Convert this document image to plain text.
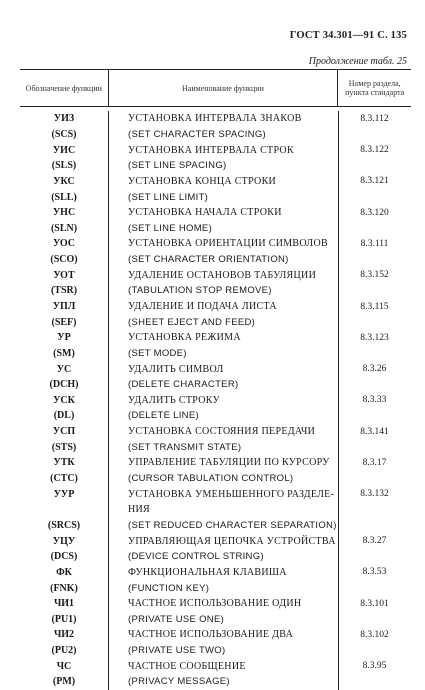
ГОСТ 34.301—91 С. 135
Продолжение табл. 25
Обозначение функции	Наименование функции	Номер раздела, пункта стандарта
УИЗ	УСТАНОВКА ИНТЕРВАЛА ЗНАКОВ	8.3.112
(SCS)	(SET CHARACTER SPACING)
УИС	УСТАНОВКА ИНТЕРВАЛА СТРОК	8.3.122
(SLS)	(SET LINE SPACING)
УКС	УСТАНОВКА КОНЦА СТРОКИ	8.3.121
(SLL)	(SET LINE LIMIT)
УНС	УСТАНОВКА НАЧАЛА СТРОКИ	8.3.120
(SLN)	(SET LINE HOME)
УОС	УСТАНОВКА ОРИЕНТАЦИИ СИМВОЛОВ	8.3.111
(SCO)	(SET CHARACTER ORIENTATION)
УОТ	УДАЛЕНИЕ ОСТАНОВОВ ТАБУЛЯЦИИ	8.3.152
(TSR)	(TABULATION STOP REMOVE)
УПЛ	УДАЛЕНИЕ И ПОДАЧА ЛИСТА	8.3.115
(SEF)	(SHEET EJECT AND FEED)
УР	УСТАНОВКА РЕЖИМА	8.3.123
(SM)	(SET MODE)
УС	УДАЛИТЬ СИМВОЛ	8.3.26
(DCH)	(DELETE CHARACTER)
УСК	УДАЛИТЬ СТРОКУ	8.3.33
(DL)	(DELETE LINE)
УСП	УСТАНОВКА СОСТОЯНИЯ ПЕРЕДАЧИ	8.3.141
(STS)	(SET TRANSMIT STATE)
УТК	УПРАВЛЕНИЕ ТАБУЛЯЦИИ ПО КУРСОРУ	8.3.17
(CTC)	(CURSOR TABULATION CONTROL)
УУР	УСТАНОВКА УМЕНЬШЕННОГО РАЗДЕЛЕ-	8.3.132
НИЯ
(SRCS)	(SET REDUCED CHARACTER SEPARATION)
УЦУ	УПРАВЛЯЮЩАЯ ЦЕПОЧКА УСТРОЙСТВА	8.3.27
(DCS)	(DEVICE CONTROL STRING)
ФК	ФУНКЦИОНАЛЬНАЯ КЛАВИША	8.3.53
(FNK)	(FUNCTION KEY)
ЧИ1	ЧАСТНОЕ ИСПОЛЬЗОВАНИЕ ОДИН	8.3.101
(PU1)	(PRIVATE USE ONE)
ЧИ2	ЧАСТНОЕ ИСПОЛЬЗОВАНИЕ ДВА	8.3.102
(PU2)	(PRIVATE USE TWO)
ЧС	ЧАСТНОЕ СООБЩЕНИЕ	8.3.95
(PM)	(PRIVACY MESSAGE)
